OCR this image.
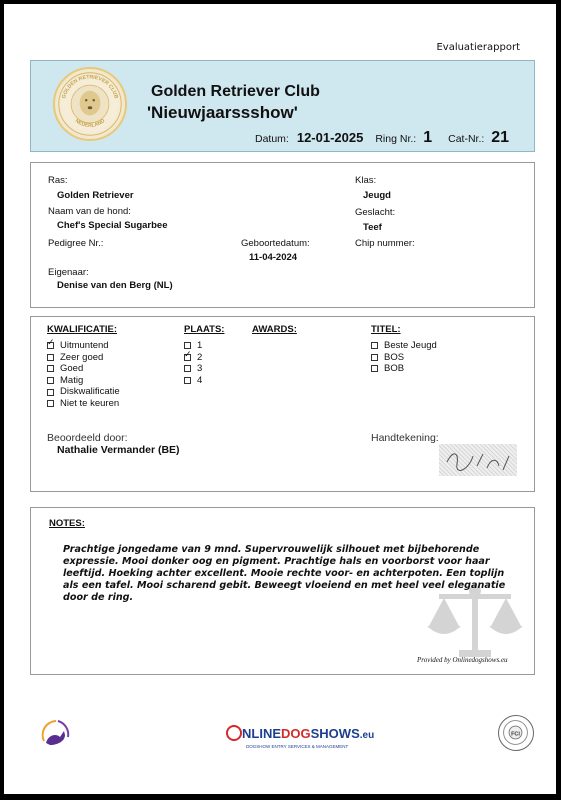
Evaluatierapport
GOLDEN RETRIEVER CLUB
NEDERLAND
Golden Retriever Club
'Nieuwjaarssshow'
Datum: 12-01-2025 Ring Nr.: 1 Cat-Nr.: 21
Ras:
Golden Retriever
Naam van de hond:
Chef's Special Sugarbee
Pedigree Nr.:	Geboortedatum:
11-04-2024
Eigenaar:
Denise van den Berg (NL)
Klas:
Jeugd
Geslacht:
Teef
Chip nummer:
KWALIFICATIE:
✓
Uitmuntend
Zeer goed
Goed
Matig
Diskwalificatie
Niet te keuren
PLAATS:
1
✓
2
3
4
AWARDS:	TITEL:
Beste Jeugd
BOS
BOB
Beoordeeld door:
Nathalie Vermander (BE)
Handtekening:
NOTES:
Prachtige jongedame van 9 mnd. Supervrouwelijk silhouet met bijbehorende expressie. Mooi donker oog en pigment. Prachtige hals en voorborst voor haar leeftijd. Hoeking achter excellent. Mooie rechte voor- en achterpoten. Een toplijn als een tafel. Mooi scharend gebit. Beweegt vloeiend en met heel veel eleganatie door de ring.
Provided by Onlinedogshows.eu
NLINEDOGSHOWS.eu
DOGSHOW ENTRY SERVICES & MANAGEMENT
FCI
